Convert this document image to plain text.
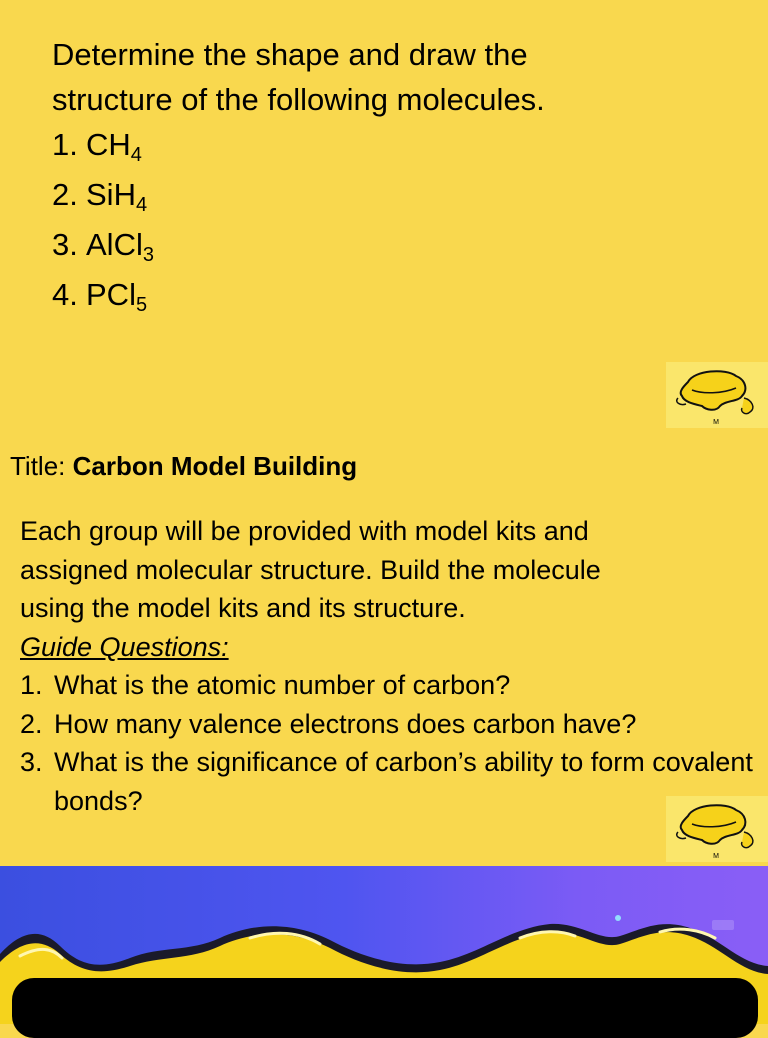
Determine the shape and draw the
structure of the following molecules.
1. $CH_4$
2. SiH$_4$
3. AlCl$_3$
4. PCl$_5$
M
Title: Carbon Model Building
Each group will be provided with model kits and
assigned molecular structure. Build the molecule
using the model kits and its structure.
Guide Questions:
1. What is the atomic number of carbon?
2. How many valence electrons does carbon have?
3. What is the significance of carbon’s ability to form covalent bonds?
M
